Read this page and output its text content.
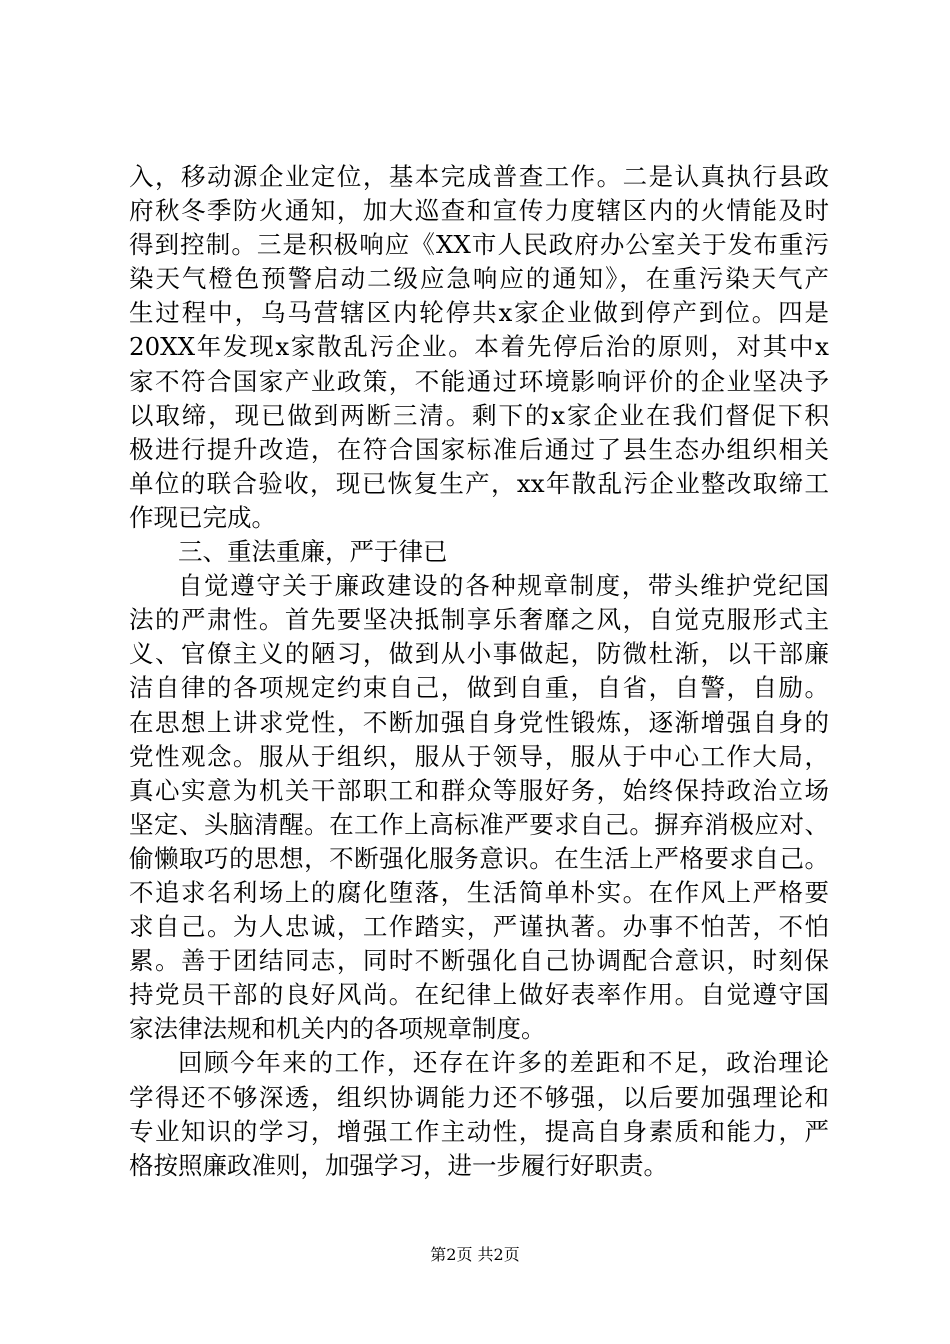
入，移动源企业定位，基本完成普查工作。二是认真执行县政
府秋冬季防火通知，加大巡查和宣传力度辖区内的火情能及时
得到控制。三是积极响应《XX市人民政府办公室关于发布重污
染天气橙色预警启动二级应急响应的通知》，在重污染天气产
生过程中，乌马营辖区内轮停共x家企业做到停产到位。四是
20XX年发现x家散乱污企业。本着先停后治的原则，对其中x
家不符合国家产业政策，不能通过环境影响评价的企业坚决予
以取缔，现已做到两断三清。剩下的x家企业在我们督促下积
极进行提升改造，在符合国家标准后通过了县生态办组织相关
单位的联合验收，现已恢复生产，xx年散乱污企业整改取缔工
作现已完成。
三、重法重廉，严于律已
自觉遵守关于廉政建设的各种规章制度，带头维护党纪国
法的严肃性。首先要坚决抵制享乐奢靡之风，自觉克服形式主
义、官僚主义的陋习，做到从小事做起，防微杜渐，以干部廉
洁自律的各项规定约束自己，做到自重，自省，自警，自励。
在思想上讲求党性，不断加强自身党性锻炼，逐渐增强自身的
党性观念。服从于组织，服从于领导，服从于中心工作大局，
真心实意为机关干部职工和群众等服好务，始终保持政治立场
坚定、头脑清醒。在工作上高标准严要求自己。摒弃消极应对、
偷懒取巧的思想，不断强化服务意识。在生活上严格要求自己。
不追求名利场上的腐化堕落，生活简单朴实。在作风上严格要
求自己。为人忠诚，工作踏实，严谨执著。办事不怕苦，不怕
累。善于团结同志，同时不断强化自己协调配合意识，时刻保
持党员干部的良好风尚。在纪律上做好表率作用。自觉遵守国
家法律法规和机关内的各项规章制度。
回顾今年来的工作，还存在许多的差距和不足，政治理论
学得还不够深透，组织协调能力还不够强，以后要加强理论和
专业知识的学习，增强工作主动性，提高自身素质和能力，严
格按照廉政准则，加强学习，进一步履行好职责。
第2页 共2页
